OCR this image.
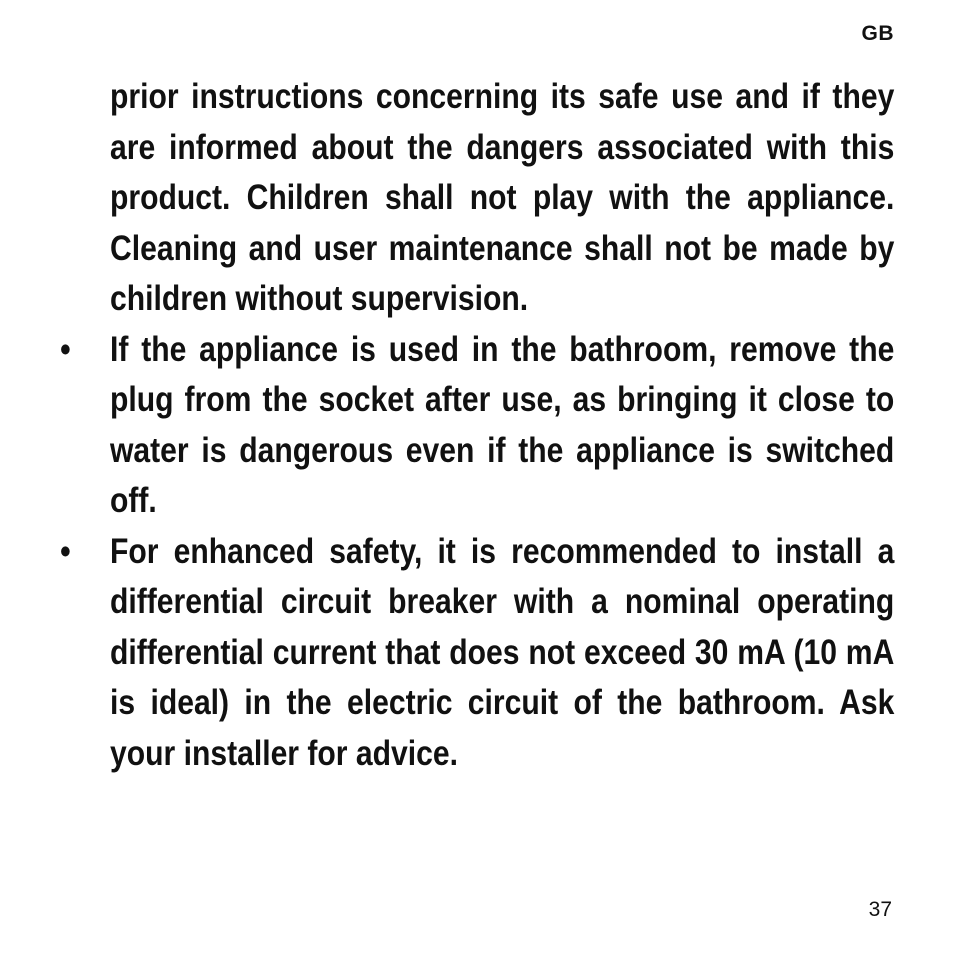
GB

prior instructions concerning its safe use and if they are informed about the dangers associated with this product. Children shall not play with the appliance. Cleaning and user maintenance shall not be made by children without supervision.

• If the appliance is used in the bathroom, remove the plug from the socket after use, as bringing it close to water is dangerous even if the appliance is switched off.
• For enhanced safety, it is recommended to install a differential circuit breaker with a nominal operating differential current that does not exceed 30 mA (10 mA is ideal) in the electric circuit of the bathroom. Ask your installer for advice.
37
